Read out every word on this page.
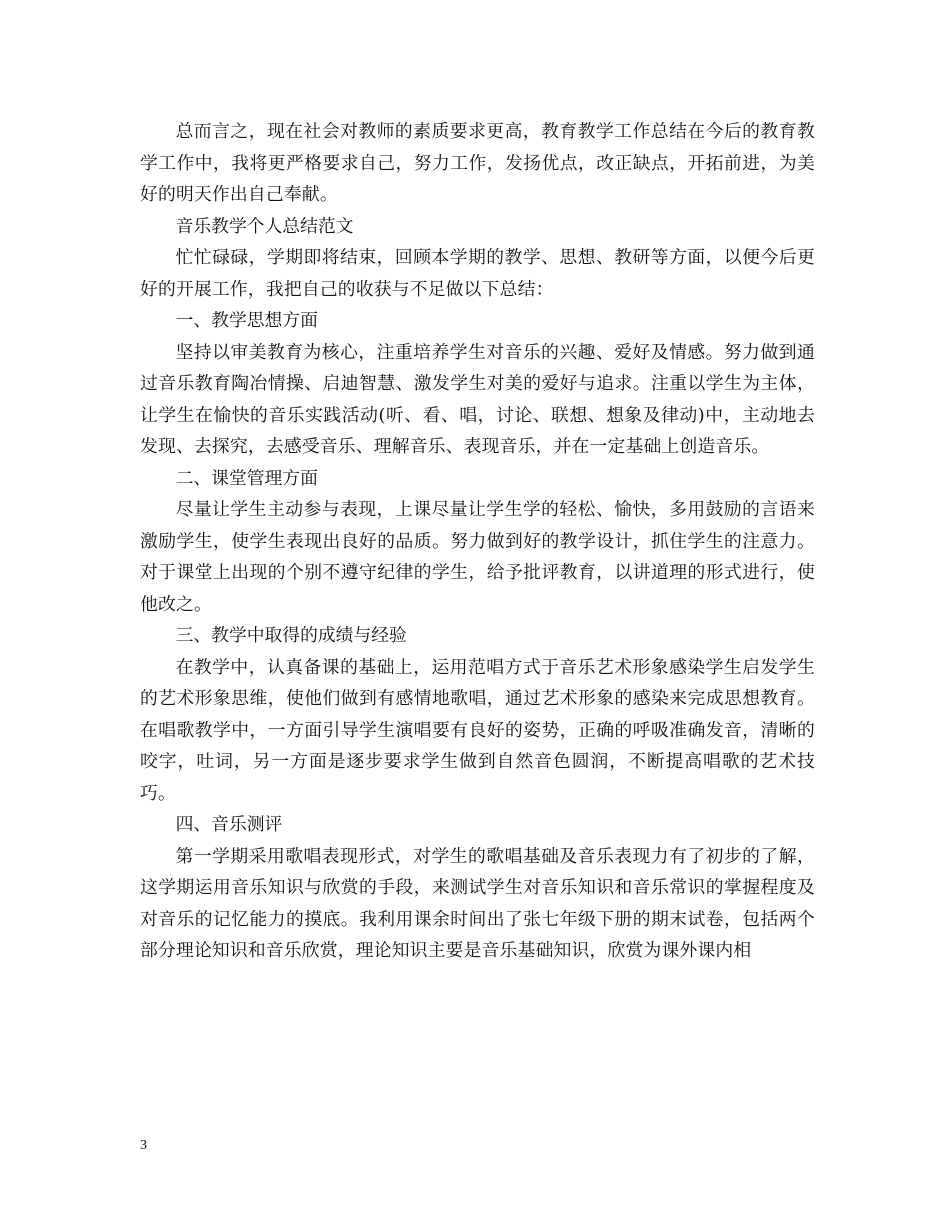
总而言之，现在社会对教师的素质要求更高，教育教学工作总结在今后的教育教学工作中，我将更严格要求自己，努力工作，发扬优点，改正缺点，开拓前进，为美好的明天作出自己奉献。

音乐教学个人总结范文

忙忙碌碌，学期即将结束，回顾本学期的教学、思想、教研等方面，以便今后更好的开展工作，我把自己的收获与不足做以下总结：

一、教学思想方面

坚持以审美教育为核心，注重培养学生对音乐的兴趣、爱好及情感。努力做到通过音乐教育陶冶情操、启迪智慧、激发学生对美的爱好与追求。注重以学生为主体，让学生在愉快的音乐实践活动(听、看、唱，讨论、联想、想象及律动)中，主动地去发现、去探究，去感受音乐、理解音乐、表现音乐，并在一定基础上创造音乐。

二、课堂管理方面

尽量让学生主动参与表现，上课尽量让学生学的轻松、愉快，多用鼓励的言语来激励学生，使学生表现出良好的品质。努力做到好的教学设计，抓住学生的注意力。对于课堂上出现的个别不遵守纪律的学生，给予批评教育，以讲道理的形式进行，使他改之。

三、教学中取得的成绩与经验

在教学中，认真备课的基础上，运用范唱方式于音乐艺术形象感染学生启发学生的艺术形象思维，使他们做到有感情地歌唱，通过艺术形象的感染来完成思想教育。在唱歌教学中，一方面引导学生演唱要有良好的姿势，正确的呼吸准确发音，清晰的咬字，吐词，另一方面是逐步要求学生做到自然音色圆润，不断提高唱歌的艺术技巧。

四、音乐测评

第一学期采用歌唱表现形式，对学生的歌唱基础及音乐表现力有了初步的了解，这学期运用音乐知识与欣赏的手段，来测试学生对音乐知识和音乐常识的掌握程度及对音乐的记忆能力的摸底。我利用课余时间出了张七年级下册的期末试卷，包括两个部分理论知识和音乐欣赏，理论知识主要是音乐基础知识，欣赏为课外课内相

3
